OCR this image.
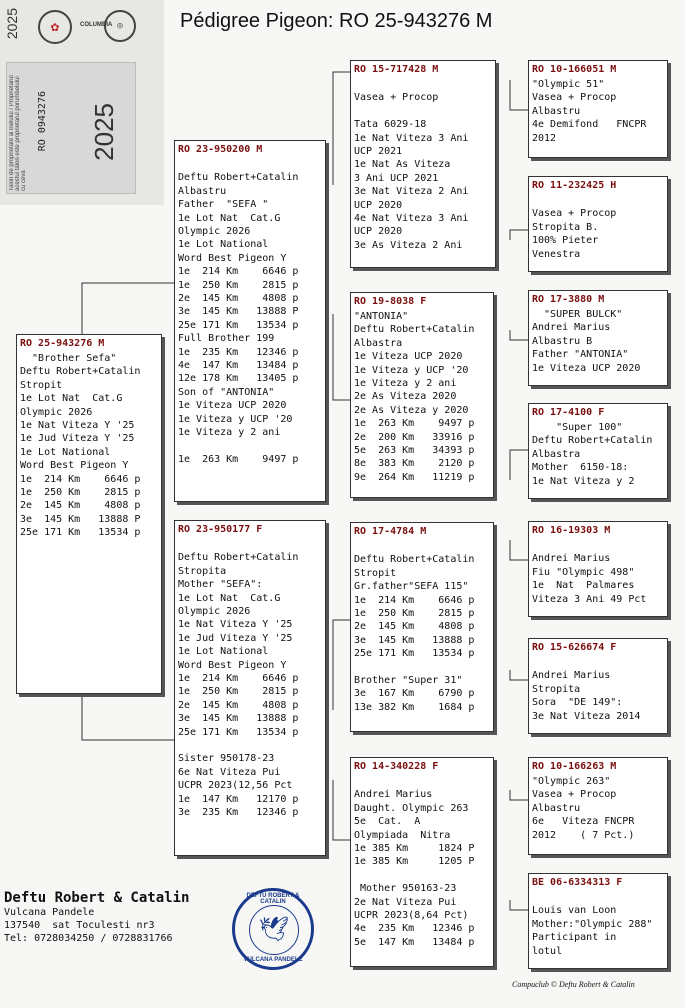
Pédigree Pigeon: RO 25-943276 M
2025	✿	◎
COLUMBIA
Talon de proprietate al inelului / Proprietarul acestui talon este proprietarul porumbelului cu ceva
RO 0943276 2025
RO 25-943276 M
"Brother Sefa"
Deftu Robert+Catalin
Stropit
1e Lot Nat  Cat.G
Olympic 2026
1e Nat Viteza Y '25
1e Jud Viteza Y '25
1e Lot National
Word Best Pigeon Y
1e  214 Km    6646 p
1e  250 Km    2815 p
2e  145 Km    4808 p
3e  145 Km   13888 P
25e 171 Km   13534 p
RO 23-950200 M
Deftu Robert+Catalin
Albastru
Father  "SEFA "
1e Lot Nat  Cat.G
Olympic 2026
1e Lot National
Word Best Pigeon Y
1e  214 Km    6646 p
1e  250 Km    2815 p
2e  145 Km    4808 p
3e  145 Km   13888 P
25e 171 Km   13534 p
Full Brother 199
1e  235 Km   12346 p
4e  147 Km   13484 p
12e 178 Km   13405 p
Son of "ANTONIA"
1e Viteza UCP 2020
1e Viteza y UCP '20
1e Viteza y 2 ani
1e  263 Km    9497 p
RO 23-950177 F
Deftu Robert+Catalin
Stropita
Mother "SEFA":
1e Lot Nat  Cat.G
Olympic 2026
1e Nat Viteza Y '25
1e Jud Viteza Y '25
1e Lot National
Word Best Pigeon Y
1e  214 Km    6646 p
1e  250 Km    2815 p
2e  145 Km    4808 p
3e  145 Km   13888 p
25e 171 Km   13534 p
Sister 950178-23
6e Nat Viteza Pui
UCPR 2023(12,56 Pct
1e  147 Km   12170 p
3e  235 Km   12346 p
RO 15-717428 M
Vasea + Procop
Tata 6029-18
1e Nat Viteza 3 Ani
UCP 2021
1e Nat As Viteza
3 Ani UCP 2021
3e Nat Viteza 2 Ani
UCP 2020
4e Nat Viteza 3 Ani
UCP 2020
3e As Viteza 2 Ani
RO 19-8038 F
"ANTONIA"
Deftu Robert+Catalin
Albastra
1e Viteza UCP 2020
1e Viteza y UCP '20
1e Viteza y 2 ani
2e As Viteza 2020
2e As Viteza y 2020
1e  263 Km    9497 p
2e  200 Km   33916 p
5e  263 Km   34393 p
8e  383 Km    2120 p
9e  264 Km   11219 p
RO 17-4784 M
Deftu Robert+Catalin
Stropit
Gr.father"SEFA 115"
1e  214 Km    6646 p
1e  250 Km    2815 p
2e  145 Km    4808 p
3e  145 Km   13888 p
25e 171 Km   13534 p
Brother "Super 31"
3e  167 Km    6790 p
13e 382 Km    1684 p
RO 14-340228 F
Andrei Marius
Daught. Olympic 263
5e  Cat.  A
Olympiada  Nitra
1e 385 Km     1824 P
1e 385 Km     1205 P
Mother 950163-23
2e Nat Viteza Pui
UCPR 2023(8,64 Pct)
4e  235 Km   12346 p
5e  147 Km   13484 p
RO 10-166051 M
"Olympic 51"
Vasea + Procop
Albastru
4e Demifond   FNCPR
2012
RO 11-232425 H
Vasea + Procop
Stropita B.
100% Pieter
Venestra
RO 17-3880 M
"SUPER BULCK"
Andrei Marius
Albastru B
Father "ANTONIA"
1e Viteza UCP 2020
RO 17-4100 F
"Super 100"
Deftu Robert+Catalin
Albastra
Mother  6150-18:
1e Nat Viteza y 2
RO 16-19303 M
Andrei Marius
Fiu "Olympic 498"
1e  Nat  Palmares
Viteza 3 Ani 49 Pct
RO 15-626674 F
Andrei Marius
Stropita
Sora  "DE 149":
3e Nat Viteza 2014
RO 10-166263 M
"Olympic 263"
Vasea + Procop
Albastru
6e   Viteza FNCPR
2012    ( 7 Pct.)
BE 06-6334313 F
Louis van Loon
Mother:"Olympic 288"
Participant in
lotul
Deftu Robert & Catalin
Vulcana Pandele
137540  sat Toculesti nr3
Tel: 0728034250 / 0728831766
DEFTU ROBERT & CATALIN
🕊
VULCANA PANDELE
Compuclub © Deftu Robert & Catalin
